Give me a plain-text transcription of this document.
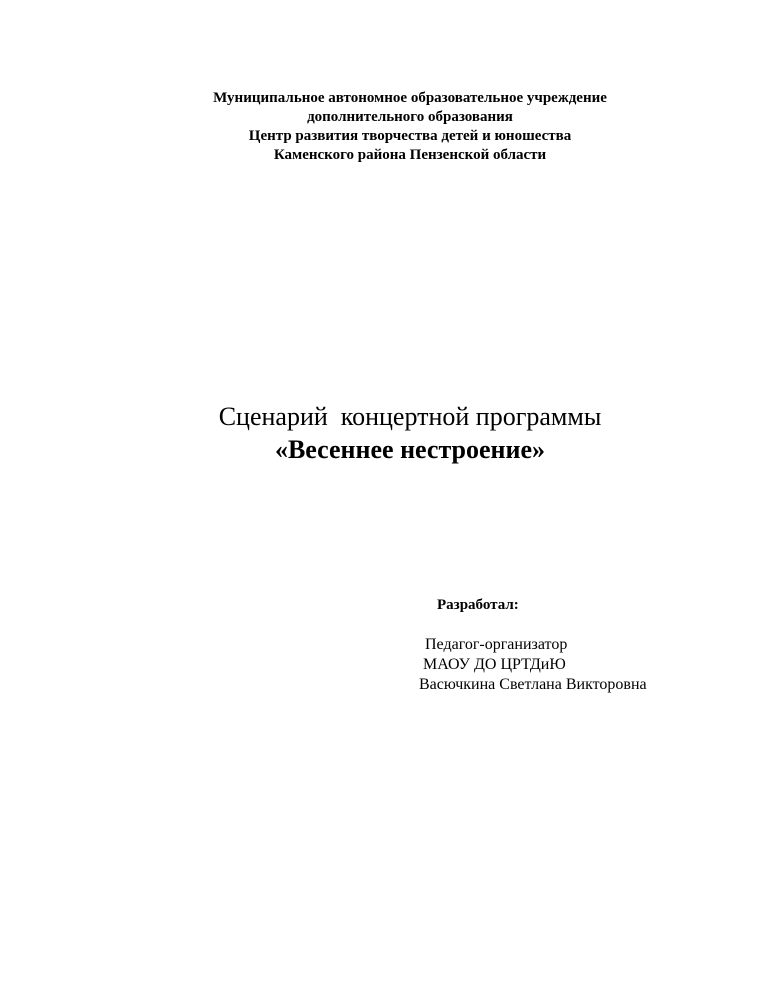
Муниципальное автономное образовательное учреждение
дополнительного образования
Центр развития творчества детей и юношества
Каменского района Пензенской области
Сценарий  концертной программы
«Весеннее нестроение»
Разработал:
Педагог-организатор
МАОУ ДО ЦРТДиЮ
Васючкина Светлана Викторовна
